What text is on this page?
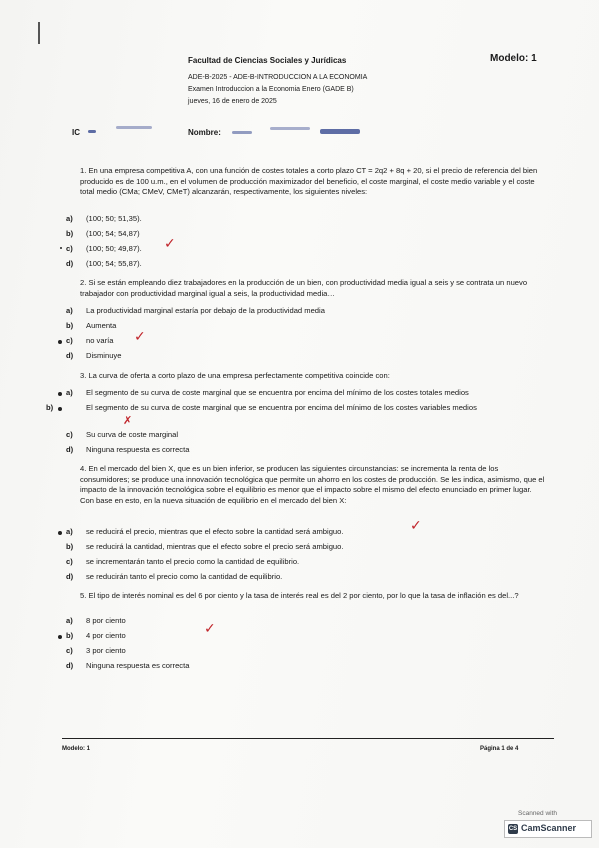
Facultad de Ciencias Sociales y Jurídicas	Modelo: 1
ADE-B-2025 - ADE-B-INTRODUCCION A LA ECONOMIA
Examen Introduccion a la Economia Enero (GADE B)
jueves, 16 de enero de 2025
IC	Nombre:
1. En una empresa competitiva A, con una función de costes totales a corto plazo CT = 2q2 + 8q + 20, si el precio de referencia del bien producido es de 100 u.m., en el volumen de producción maximizador del beneficio, el coste marginal, el coste medio variable y el coste total medio (CMa; CMeV, CMeT) alcanzarán, respectivamente, los siguientes niveles:
a) (100; 50; 51,35).
b) (100; 54; 54,87)
c) (100; 50; 49,87).	✓
d) (100; 54; 55,87).
2. Si se están empleando diez trabajadores en la producción de un bien, con productividad media igual a seis y se contrata un nuevo trabajador con productividad marginal igual a seis, la productividad media…
a) La productividad marginal estaría por debajo de la productividad media
b) Aumenta
c) no varía	✓
d) Disminuye
3. La curva de oferta a corto plazo de una empresa perfectamente competitiva coincide con:
a) El segmento de su curva de coste marginal que se encuentra por encima del mínimo de los costes totales medios
b)	El segmento de su curva de coste marginal que se encuentra por encima del mínimo de los costes variables medios
✗
c) Su curva de coste marginal
d) Ninguna respuesta es correcta
4. En el mercado del bien X, que es un bien inferior, se producen las siguientes circunstancias: se incrementa la renta de los consumidores; se produce una innovación tecnológica que permite un ahorro en los costes de producción. Se les indica, asimismo, que el impacto de la innovación tecnológica sobre el equilibrio es menor que el impacto sobre el mismo del efecto enunciado en primer lugar. Con base en esto, en la nueva situación de equilibrio en el mercado del bien X:
a) se reducirá el precio, mientras que el efecto sobre la cantidad será ambiguo.	✓
b) se reducirá la cantidad, mientras que el efecto sobre el precio será ambiguo.
c) se incrementarán tanto el precio como la cantidad de equilibrio.
d) se reducirán tanto el precio como la cantidad de equilibrio.
5. El tipo de interés nominal es del 6 por ciento y la tasa de interés real es del 2 por ciento, por lo que la tasa de inflación es del...?
a) 8 por ciento
b) 4 por ciento	✓
c) 3 por ciento
d) Ninguna respuesta es correcta
Modelo: 1	Página 1 de 4
Scanned with
CS CamScanner
